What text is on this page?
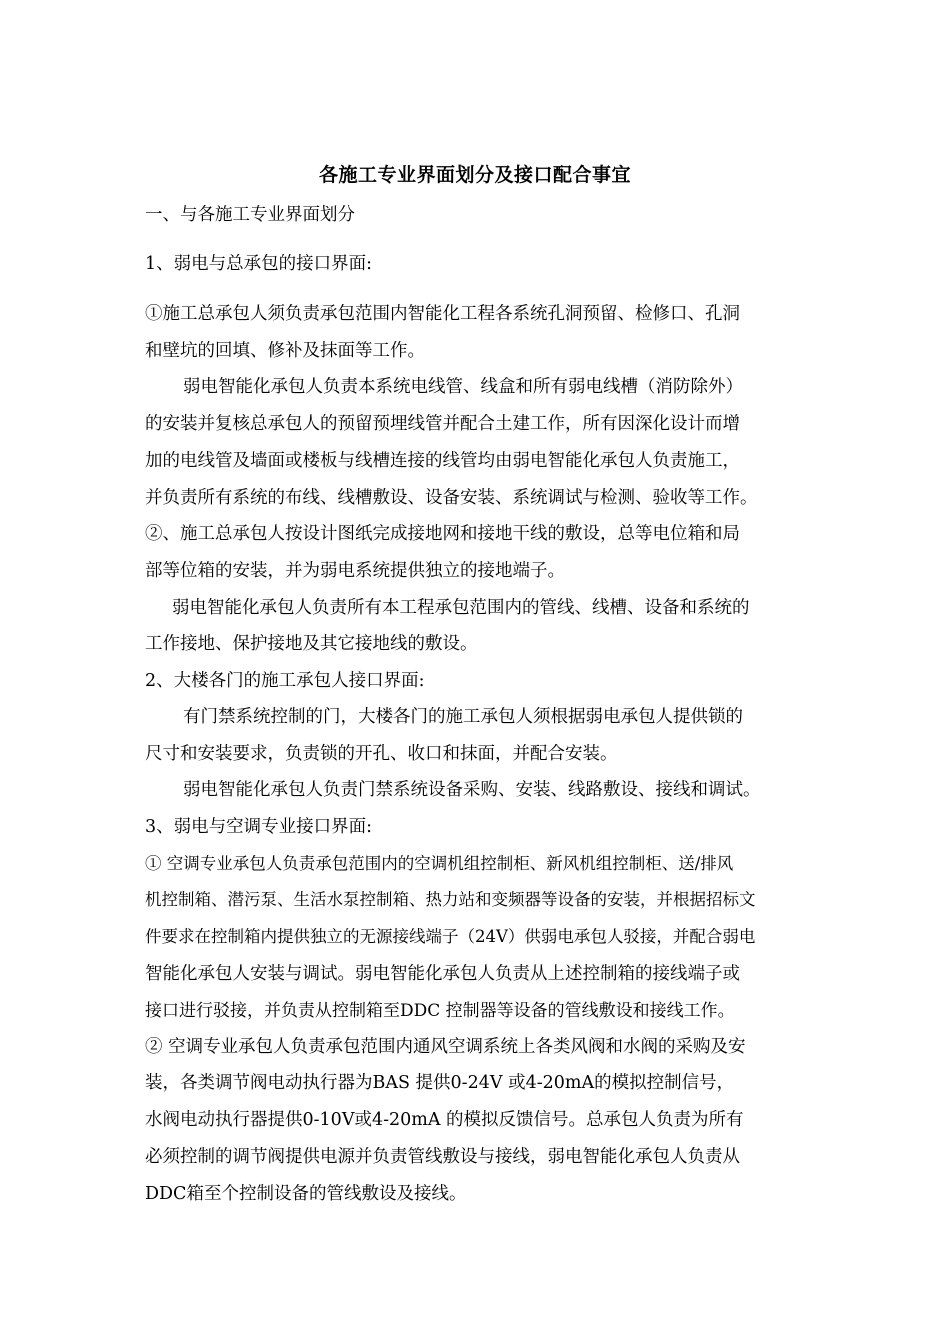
各施工专业界面划分及接口配合事宜
一、与各施工专业界面划分
1、弱电与总承包的接口界面:
①施工总承包人须负责承包范围内智能化工程各系统孔洞预留、检修口、孔洞
和壁坑的回填、修补及抹面等工作。
弱电智能化承包人负责本系统电线管、线盒和所有弱电线槽（消防除外）
的安装并复核总承包人的预留预埋线管并配合土建工作，所有因深化设计而增
加的电线管及墙面或楼板与线槽连接的线管均由弱电智能化承包人负责施工，
并负责所有系统的布线、线槽敷设、设备安装、系统调试与检测、验收等工作。
②、施工总承包人按设计图纸完成接地网和接地干线的敷设，总等电位箱和局
部等位箱的安装，并为弱电系统提供独立的接地端子。
弱电智能化承包人负责所有本工程承包范围内的管线、线槽、设备和系统的
工作接地、保护接地及其它接地线的敷设。
2、大楼各门的施工承包人接口界面:
有门禁系统控制的门，大楼各门的施工承包人须根据弱电承包人提供锁的
尺寸和安装要求，负责锁的开孔、收口和抹面，并配合安装。
弱电智能化承包人负责门禁系统设备采购、安装、线路敷设、接线和调试。
3、弱电与空调专业接口界面:
① 空调专业承包人负责承包范围内的空调机组控制柜、新风机组控制柜、送/排风
机控制箱、潜污泵、生活水泵控制箱、热力站和变频器等设备的安装，并根据招标文
件要求在控制箱内提供独立的无源接线端子（24V）供弱电承包人驳接，并配合弱电
智能化承包人安装与调试。弱电智能化承包人负责从上述控制箱的接线端子或
接口进行驳接，并负责从控制箱至DDC 控制器等设备的管线敷设和接线工作。
② 空调专业承包人负责承包范围内通风空调系统上各类风阀和水阀的采购及安
装，各类调节阀电动执行器为BAS 提供0-24V 或4-20mA的模拟控制信号，
水阀电动执行器提供0-10V或4-20mA 的模拟反馈信号。总承包人负责为所有
必须控制的调节阀提供电源并负责管线敷设与接线，弱电智能化承包人负责从
DDC箱至个控制设备的管线敷设及接线。
